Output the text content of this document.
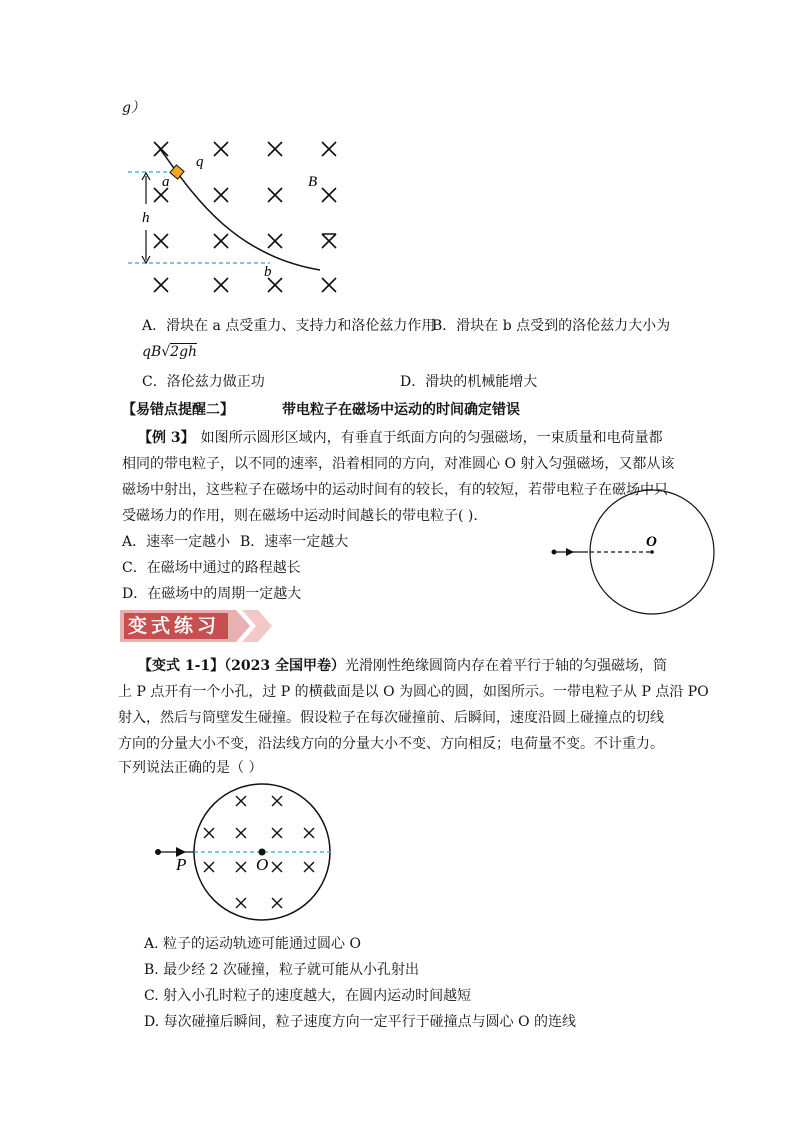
g）
h
a
q
B
b
A．滑块在 a 点受重力、支持力和洛伦兹力作用
B．滑块在 b 点受到的洛伦兹力大小为
qB√2gh
C．洛伦兹力做正功	D．滑块的机械能增大
【易错点提醒二】	带电粒子在磁场中运动的时间确定错误
【例 3】 如图所示圆形区域内，有垂直于纸面方向的匀强磁场，一束质量和电荷量都
相同的带电粒子，以不同的速率，沿着相同的方向，对准圆心 O 射入匀强磁场，又都从该
磁场中射出，这些粒子在磁场中的运动时间有的较长，有的较短，若带电粒子在磁场中只
受磁场力的作用，则在磁场中运动时间越长的带电粒子( ).
A．速率一定越小 B．速率一定越大
C．在磁场中通过的路程越长
D．在磁场中的周期一定越大
O
变式练习
【变式 1-1】（2023 全国甲卷）光滑刚性绝缘圆筒内存在着平行于轴的匀强磁场，筒
上 P 点开有一个小孔，过 P 的横截面是以 O 为圆心的圆，如图所示。一带电粒子从 P 点沿 PO
射入，然后与筒壁发生碰撞。假设粒子在每次碰撞前、后瞬间，速度沿圆上碰撞点的切线
方向的分量大小不变，沿法线方向的分量大小不变、方向相反；电荷量不变。不计重力。
下列说法正确的是（ ）
P	O
A. 粒子的运动轨迹可能通过圆心 O
B. 最少经 2 次碰撞，粒子就可能从小孔射出
C. 射入小孔时粒子的速度越大，在圆内运动时间越短
D. 每次碰撞后瞬间，粒子速度方向一定平行于碰撞点与圆心 O 的连线
